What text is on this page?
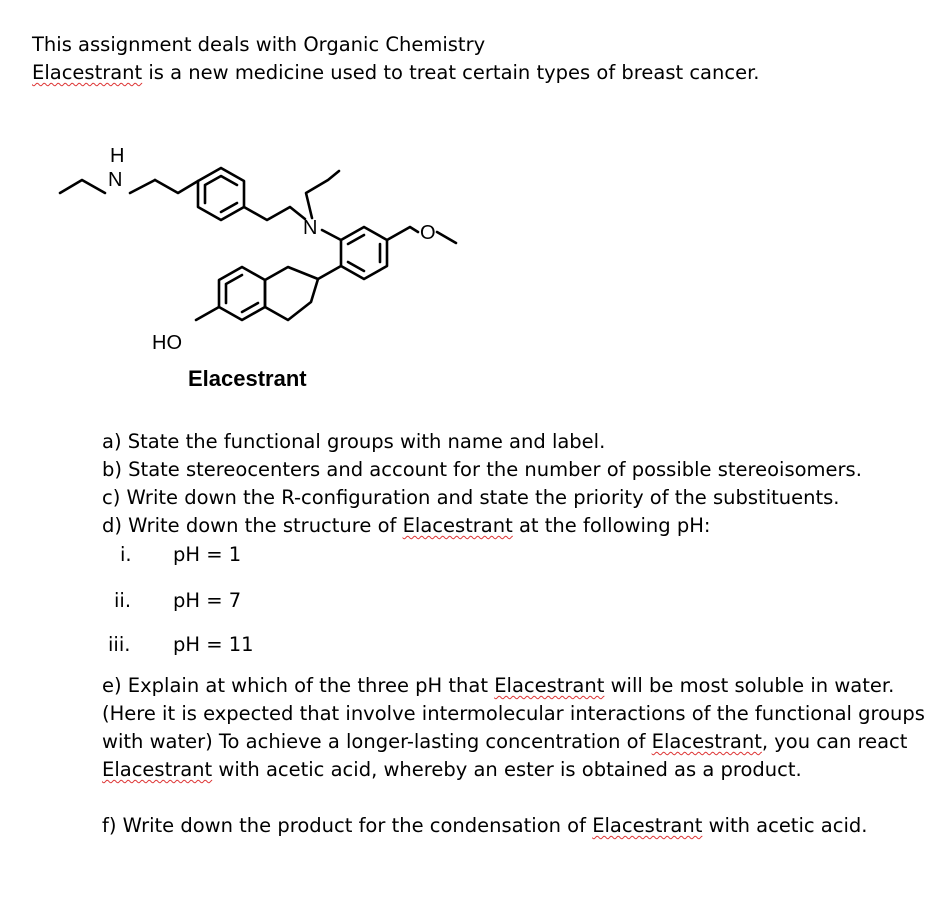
This assignment deals with Organic Chemistry
Elacestrant is a new medicine used to treat certain types of breast cancer.
H
N
N	O
HO
Elacestrant
a) State the functional groups with name and label.
b) State stereocenters and account for the number of possible stereoisomers.
c) Write down the R-configuration and state the priority of the substituents.
d) Write down the structure of Elacestrant at the following pH:
i. pH = 1
ii. pH = 7
iii. pH = 11
e) Explain at which of the three pH that Elacestrant will be most soluble in water.
(Here it is expected that involve intermolecular interactions of the functional groups
with water) To achieve a longer-lasting concentration of Elacestrant, you can react
Elacestrant with acetic acid, whereby an ester is obtained as a product.
f) Write down the product for the condensation of Elacestrant with acetic acid.
